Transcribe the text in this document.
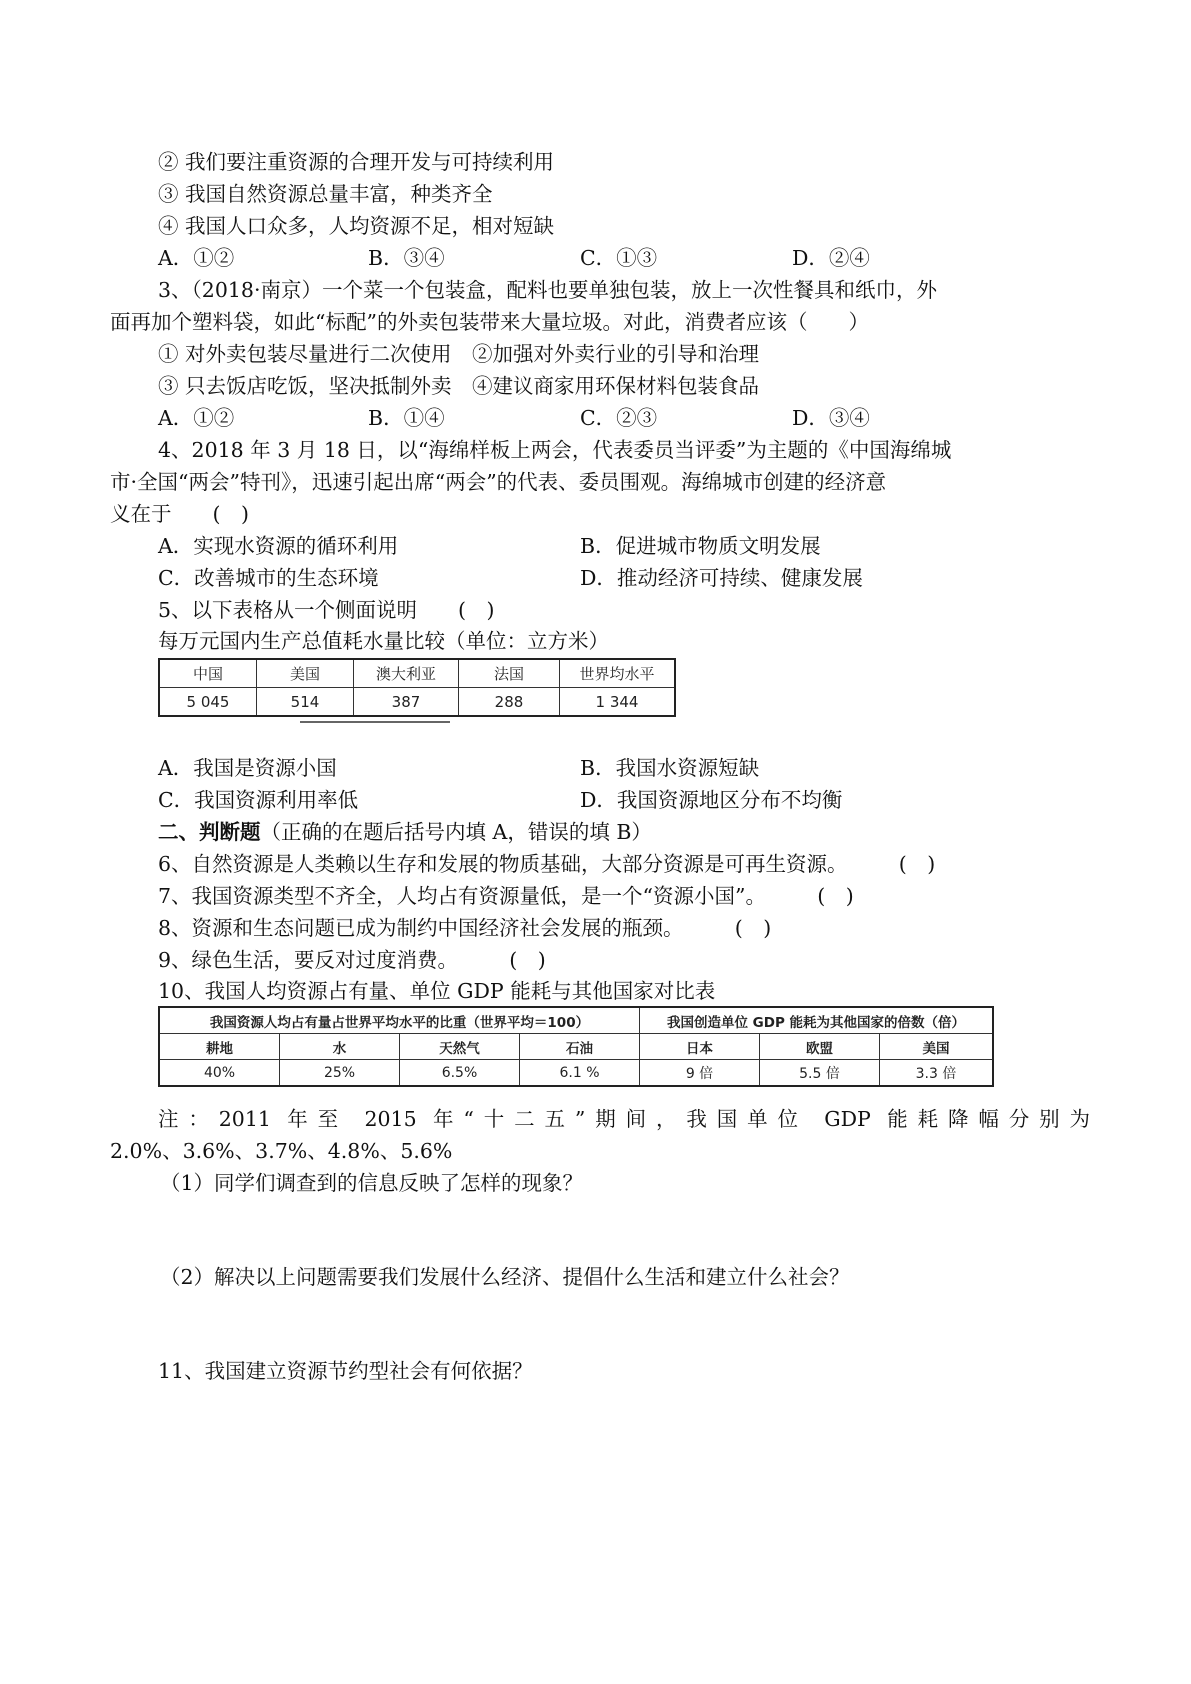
② 我们要注重资源的合理开发与可持续利用
③ 我国自然资源总量丰富，种类齐全
④ 我国人口众多，人均资源不足，相对短缺
A．①②	B．③④	C．①③	D．②④
3、（2018·南京）一个菜一个包装盒，配料也要单独包装，放上一次性餐具和纸巾，外
面再加个塑料袋，如此“标配”的外卖包装带来大量垃圾。对此，消费者应该（　　）
① 对外卖包装尽量进行二次使用　②加强对外卖行业的引导和治理
③ 只去饭店吃饭，坚决抵制外卖　④建议商家用环保材料包装食品
A．①②	B．①④	C．②③	D．③④
4、2018 年 3 月 18 日，以“海绵样板上两会，代表委员当评委”为主题的《中国海绵城
市·全国“两会”特刊》，迅速引起出席“两会”的代表、委员围观。海绵城市创建的经济意
义在于　　(　)
A．实现水资源的循环利用	B．促进城市物质文明发展
C．改善城市的生态环境	D．推动经济可持续、健康发展
5、以下表格从一个侧面说明　　(　)
每万元国内生产总值耗水量比较（单位：立方米）
中国	美国	澳大利亚	法国	世界均水平
5 045	514	387	288	1 344
A．我国是资源小国	B．我国水资源短缺
C．我国资源利用率低	D．我国资源地区分布不均衡
二、判断题（正确的在题后括号内填 A，错误的填 B）
6、自然资源是人类赖以生存和发展的物质基础，大部分资源是可再生资源。　　　(　)
7、我国资源类型不齐全，人均占有资源量低，是一个“资源小国”。　　　(　)
8、资源和生态问题已成为制约中国经济社会发展的瓶颈。　　　(　)
9、绿色生活，要反对过度消费。　　　(　)
10、我国人均资源占有量、单位 GDP 能耗与其他国家对比表
我国资源人均占有量占世界平均水平的比重（世界平均＝100）				我国创造单位 GDP 能耗为其他国家的倍数（倍）		
耕地	水	天然气	石油	日本	欧盟	美国
40%	25%	6.5%	6.1 %	9 倍	5.5 倍	3.3 倍
注：2011 年至 2015 年“十二五”期间，我国单位 GDP 能耗降幅分别为
2.0%、3.6%、3.7%、4.8%、5.6%
（1）同学们调查到的信息反映了怎样的现象？
（2）解决以上问题需要我们发展什么经济、提倡什么生活和建立什么社会？
11、我国建立资源节约型社会有何依据？
